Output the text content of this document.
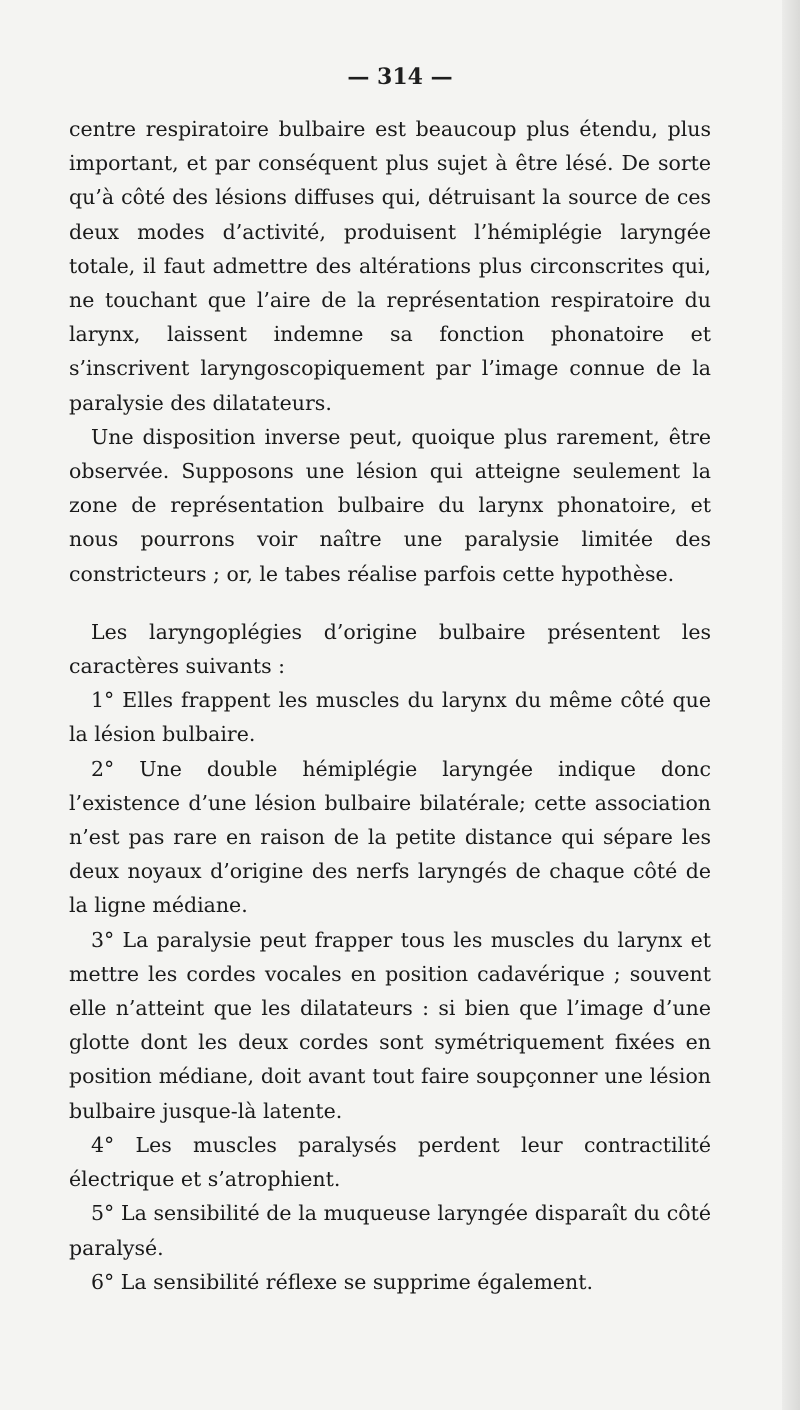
— 314 —

centre respiratoire bulbaire est beaucoup plus étendu, plus important, et par conséquent plus sujet à être lésé. De sorte qu’à côté des lésions diffuses qui, détruisant la source de ces deux modes d’activité, produisent l’hémiplégie laryngée totale, il faut admettre des altérations plus circonscrites qui, ne touchant que l’aire de la représentation respiratoire du larynx, laissent indemne sa fonction phonatoire et s’inscrivent laryngoscopiquement par l’image connue de la paralysie des dilatateurs.

Une disposition inverse peut, quoique plus rarement, être observée. Supposons une lésion qui atteigne seulement la zone de représentation bulbaire du larynx phonatoire, et nous pourrons voir naître une paralysie limitée des constricteurs ; or, le tabes réalise parfois cette hypothèse.

Les laryngoplégies d’origine bulbaire présentent les caractères suivants :

1° Elles frappent les muscles du larynx du même côté que la lésion bulbaire.

2° Une double hémiplégie laryngée indique donc l’existence d’une lésion bulbaire bilatérale; cette association n’est pas rare en raison de la petite distance qui sépare les deux noyaux d’origine des nerfs laryngés de chaque côté de la ligne médiane.

3° La paralysie peut frapper tous les muscles du larynx et mettre les cordes vocales en position cadavérique ; souvent elle n’atteint que les dilatateurs : si bien que l’image d’une glotte dont les deux cordes sont symétriquement fixées en position médiane, doit avant tout faire soupçonner une lésion bulbaire jusque-là latente.

4° Les muscles paralysés perdent leur contractilité électrique et s’atrophient.

5° La sensibilité de la muqueuse laryngée disparaît du côté paralysé.

6° La sensibilité réflexe se supprime également.
